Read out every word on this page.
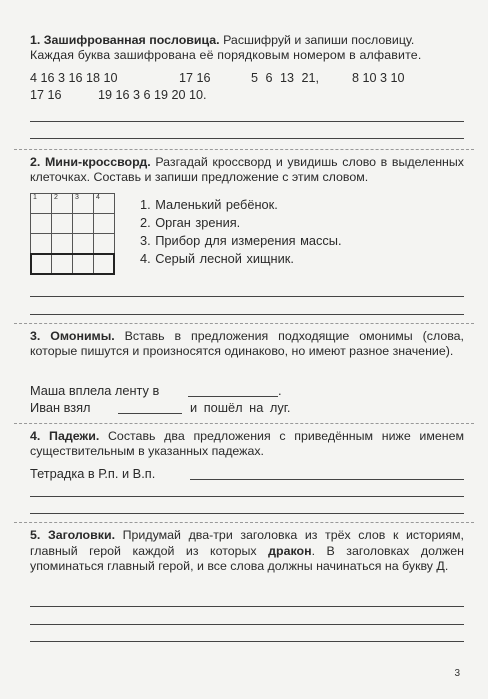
1. Зашифрованная пословица. Расшифруй и запиши пословицу.
Каждая буква зашифрована её порядковым номером в алфавите.
4 16 3 16 18 10	17 16	5 6 13 21,	8 10 3 10
17 16	19 16 3 6 19 20 10.
2. Мини-кроссворд. Разгадай кроссворд и увидишь слово в выделенных клеточках. Составь и запиши предложение с этим словом.
1 2 3 4	1. Маленький ребёнок.
2. Орган зрения.
3. Прибор для измерения массы.
4. Серый лесной хищник.
3. Омонимы. Вставь в предложения подходящие омонимы (слова, которые пишутся и произносятся одинаково, но имеют разное значение).
Маша вплела ленту в	.
Иван взял	и пошёл на луг.
4. Падежи. Составь два предложения с приведённым ниже именем существительным в указанных падежах.
Тетрадка в Р.п. и В.п.
5. Заголовки. Придумай два-три заголовка из трёх слов к историям, главный герой каждой из которых дракон. В заголовках должен упоминаться главный герой, и все слова должны начинаться на букву Д.
3
